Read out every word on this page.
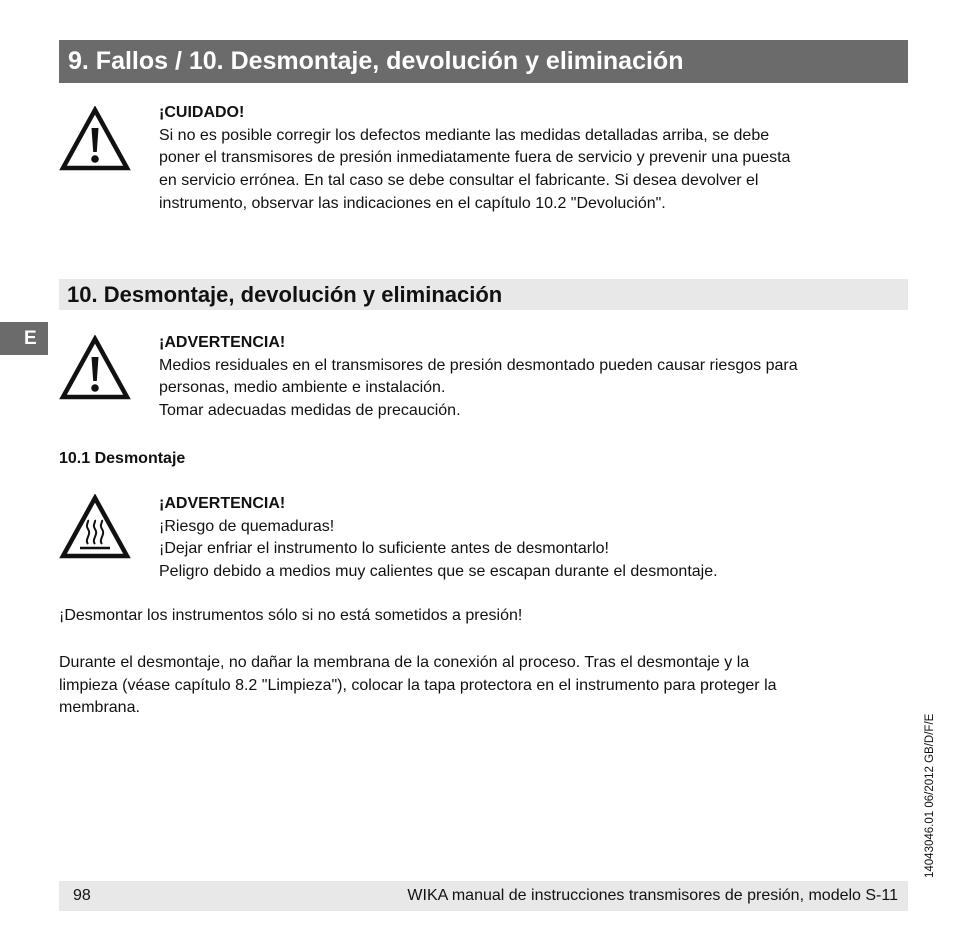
9. Fallos / 10. Desmontaje, devolución y eliminación

¡CUIDADO!

Si no es posible corregir los defectos mediante las medidas detalladas arriba, se debe

poner el transmisores de presión inmediatamente fuera de servicio y prevenir una puesta

en servicio errónea. En tal caso se debe consultar el fabricante. Si desea devolver el

instrumento, observar las indicaciones en el capítulo 10.2 "Devolución".

10. Desmontaje, devolución y eliminación
E	¡ADVERTENCIA!

Medios residuales en el transmisores de presión desmontado pueden causar riesgos para

personas, medio ambiente e instalación.

Tomar adecuadas medidas de precaución.

10.1 Desmontaje

¡ADVERTENCIA!

¡Riesgo de quemaduras!

¡Dejar enfriar el instrumento lo suficiente antes de desmontarlo!

Peligro debido a medios muy calientes que se escapan durante el desmontaje.

¡Desmontar los instrumentos sólo si no está sometidos a presión!

Durante el desmontaje, no dañar la membrana de la conexión al proceso. Tras el desmontaje y la

limpieza (véase capítulo 8.2 "Limpieza"), colocar la tapa protectora en el instrumento para proteger la

membrana.

14043046.01 06/2012 GB/D/F/E
98	WIKA manual de instrucciones transmisores de presión, modelo S-11
